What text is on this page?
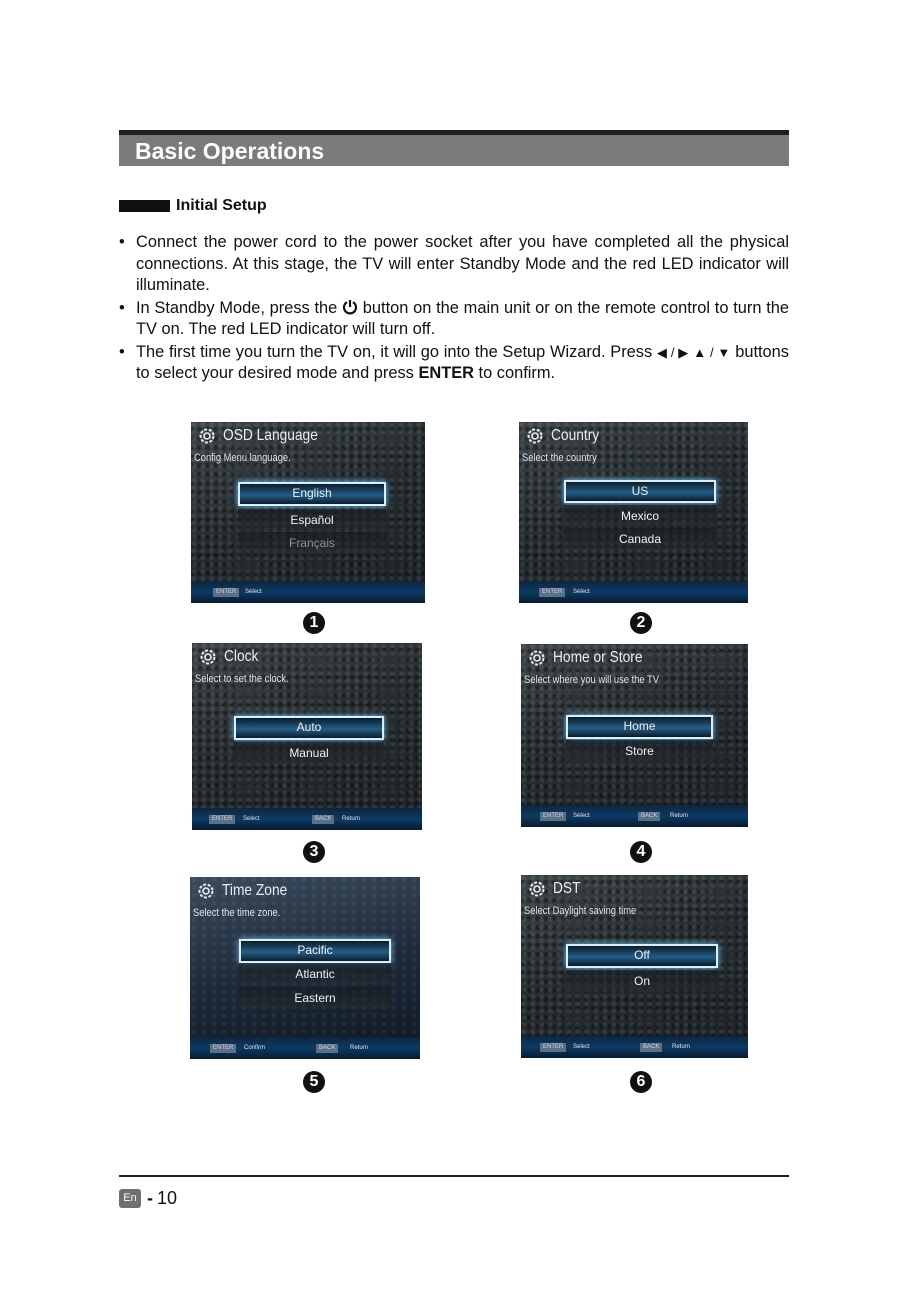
Basic Operations
Initial Setup
• Connect the power cord to the power socket after you have completed all the physical connections. At this stage, the TV will enter Standby Mode and the red LED indicator will illuminate.
• In Standby Mode, press the  button on the main unit or on the remote control to turn the TV on. The red LED indicator will turn off.
• The first time you turn the TV on, it will go into the Setup Wizard. Press ◀ / ▶ ▲ / ▼ buttons to select your desired mode and press ENTER to confirm.
OSD Language
Config Menu language.
English
Español
Français
ENTER	Select
1
Country
Select the country
US
Mexico
Canada
ENTER	Select
2
Clock
Select to set the clock.
Auto
Manual
ENTER	Select	BACK	Return
3
Home or Store
Select where you will use the TV
Home
Store
ENTER	Select	BACK	Return
4
Time Zone
Select the time zone.
Pacific
Atlantic
Eastern
ENTER	Confirm	BACK	Return
5
DST
Select Daylight saving time
Off
On
ENTER	Select	BACK	Return
6
En - 10
